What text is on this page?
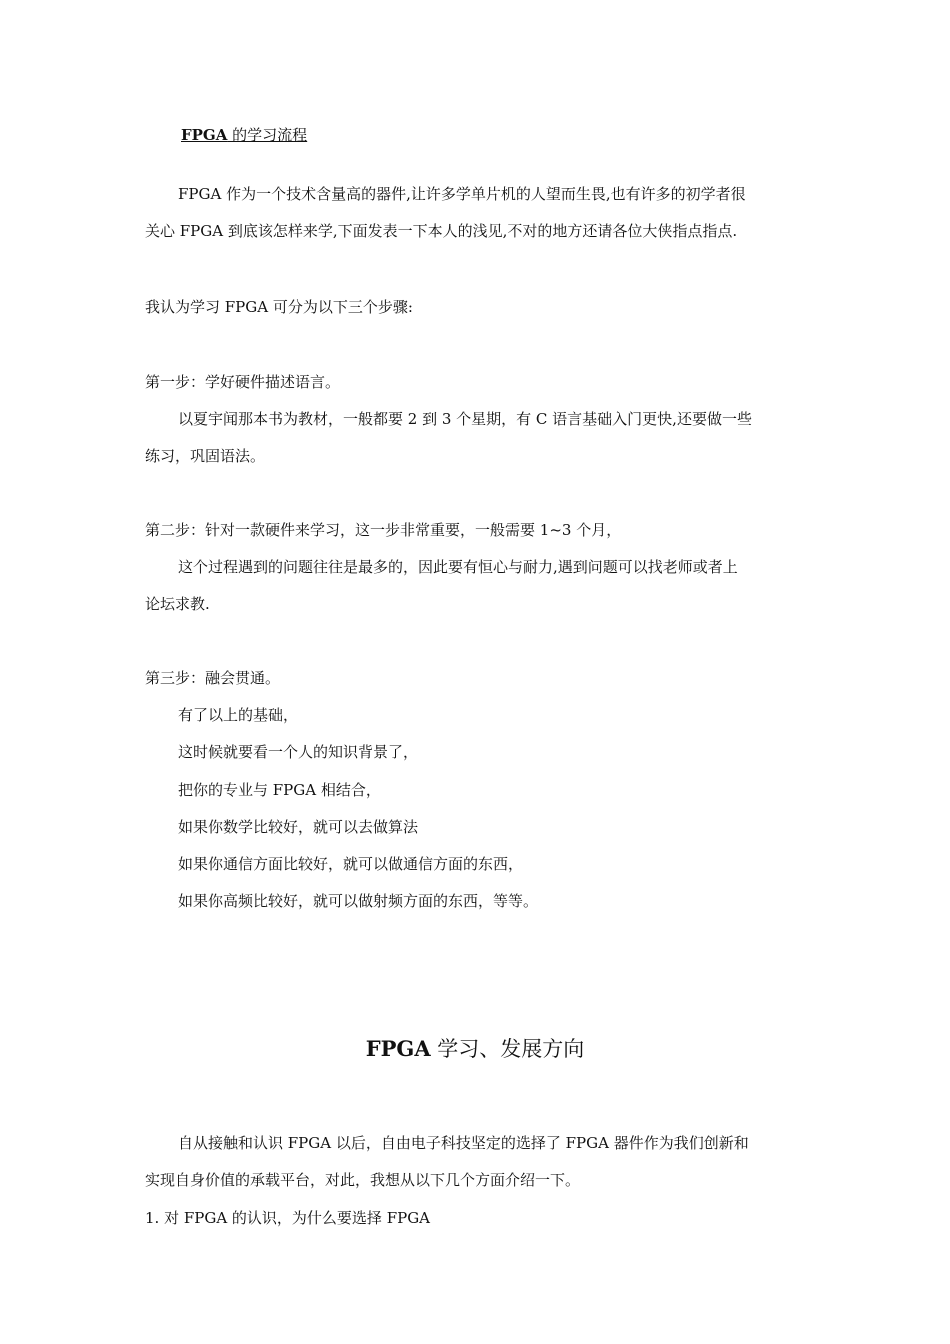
FPGA 的学习流程
FPGA 作为一个技术含量高的器件,让许多学单片机的人望而生畏,也有许多的初学者很
关心 FPGA 到底该怎样来学,下面发表一下本人的浅见,不对的地方还请各位大侠指点指点.
我认为学习 FPGA 可分为以下三个步骤:
第一步：学好硬件描述语言。
以夏宇闻那本书为教材，一般都要 2 到 3 个星期，有 C 语言基础入门更快,还要做一些
练习，巩固语法。
第二步：针对一款硬件来学习，这一步非常重要，一般需要 1~3 个月，
这个过程遇到的问题往往是最多的，因此要有恒心与耐力,遇到问题可以找老师或者上
论坛求教.
第三步：融会贯通。
有了以上的基础，
这时候就要看一个人的知识背景了，
把你的专业与 FPGA 相结合，
如果你数学比较好，就可以去做算法
如果你通信方面比较好，就可以做通信方面的东西，
如果你高频比较好，就可以做射频方面的东西，等等。
FPGA 学习、发展方向
自从接触和认识 FPGA 以后，自由电子科技坚定的选择了 FPGA 器件作为我们创新和
实现自身价值的承载平台，对此，我想从以下几个方面介绍一下。
1. 对 FPGA 的认识，为什么要选择 FPGA
